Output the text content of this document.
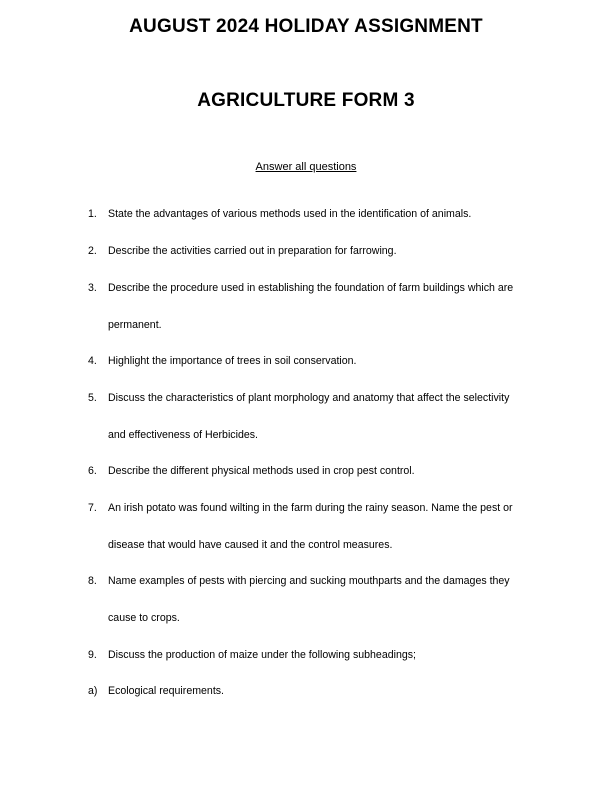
AUGUST 2024 HOLIDAY ASSIGNMENT
AGRICULTURE FORM 3
Answer all questions
1. State the advantages of various methods used in the identification of animals.
2. Describe the activities carried out in preparation for farrowing.
3. Describe the procedure used in establishing the foundation of farm buildings which are
permanent.
4. Highlight the importance of trees in soil conservation.
5. Discuss the characteristics of plant morphology and anatomy that affect the selectivity
and effectiveness of Herbicides.
6. Describe the different physical methods used in crop pest control.
7. An irish potato was found wilting in the farm during the rainy season. Name the pest or
disease that would have caused it and the control measures.
8. Name examples of pests with piercing and sucking mouthparts and the damages they
cause to crops.
9. Discuss the production of maize under the following subheadings;
a) Ecological requirements.
